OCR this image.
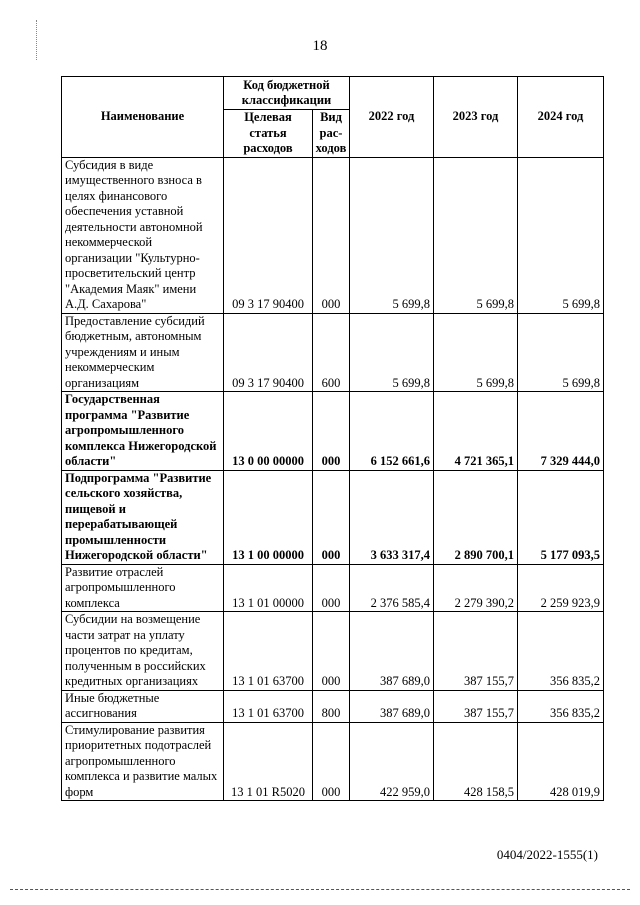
18
Наименование	Код бюджетной классификации		2022 год	2023 год	2024 год
	Целевая статья расходов	Вид рас-ходов			
Субсидия в виде имущественного взноса в целях финансового обеспечения уставной деятельности автономной некоммерческой организации "Культурно-просветительский центр "Академия Маяк" имени А.Д. Сахарова"	09 3 17 90400	000	5 699,8	5 699,8	5 699,8
Предоставление субсидий бюджетным, автономным учреждениям и иным некоммерческим организациям	09 3 17 90400	600	5 699,8	5 699,8	5 699,8
Государственная программа "Развитие агропромышленного комплекса Нижегородской области"	13 0 00 00000	000	6 152 661,6	4 721 365,1	7 329 444,0
Подпрограмма "Развитие сельского хозяйства, пищевой и перерабатывающей промышленности Нижегородской области"	13 1 00 00000	000	3 633 317,4	2 890 700,1	5 177 093,5
Развитие отраслей агропромышленного комплекса	13 1 01 00000	000	2 376 585,4	2 279 390,2	2 259 923,9
Субсидии на возмещение части затрат на уплату процентов по кредитам, полученным в российских кредитных организациях	13 1 01 63700	000	387 689,0	387 155,7	356 835,2
Иные бюджетные ассигнования	13 1 01 63700	800	387 689,0	387 155,7	356 835,2
Стимулирование развития приоритетных подотраслей агропромышленного комплекса и развитие малых форм	13 1 01 R5020	000	422 959,0	428 158,5	428 019,9
0404/2022-1555(1)
